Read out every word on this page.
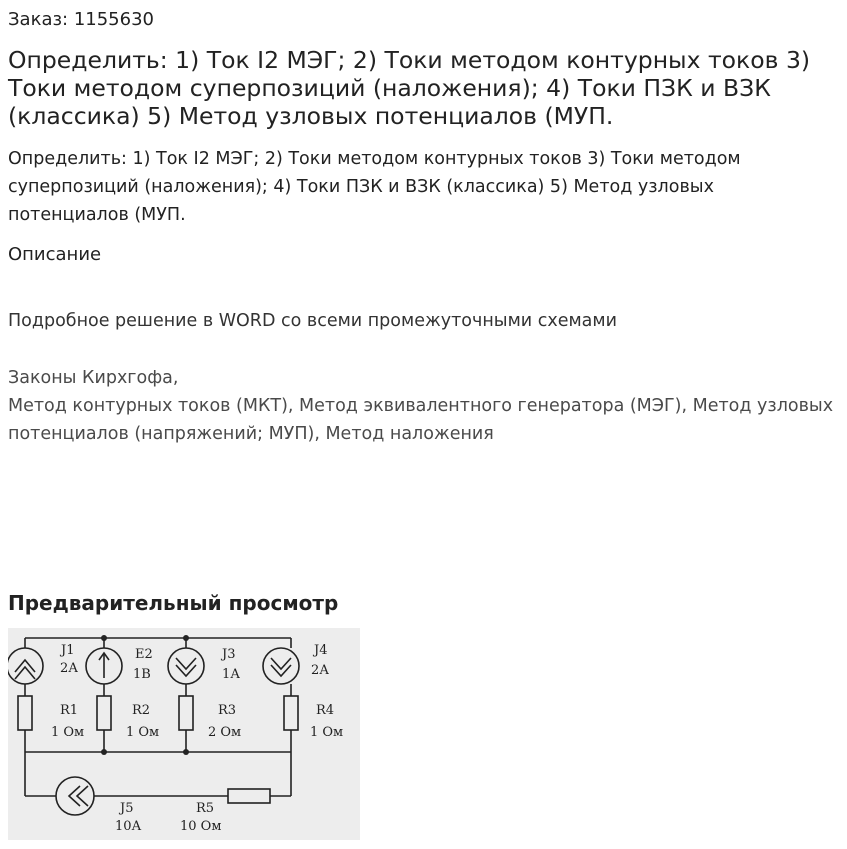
Заказ: 1155630
Определить: 1) Ток I2 МЭГ; 2) Токи методом контурных токов 3) Токи методом суперпозиций (наложения); 4) Токи ПЗК и ВЗК (классика) 5) Метод узловых потенциалов (МУП.
Определить: 1) Ток I2 МЭГ; 2) Токи методом контурных токов 3) Токи методом суперпозиций (наложения); 4) Токи ПЗК и ВЗК (классика) 5) Метод узловых потенциалов (МУП.
Описание
Подробное решение в WORD со всеми промежуточными схемами
Законы Кирхгофа,
Метод контурных токов (МКТ), Метод эквивалентного генератора (МЭГ), Метод узловых потенциалов (напряжений; МУП), Метод наложения
Предварительный просмотр
J1
2А
E2
1В
J3
1А
J4
2А
R1
1 Ом
R2
1 Ом
R3
2 Ом
R4
1 Ом
J5
10А
R5
10 Ом
